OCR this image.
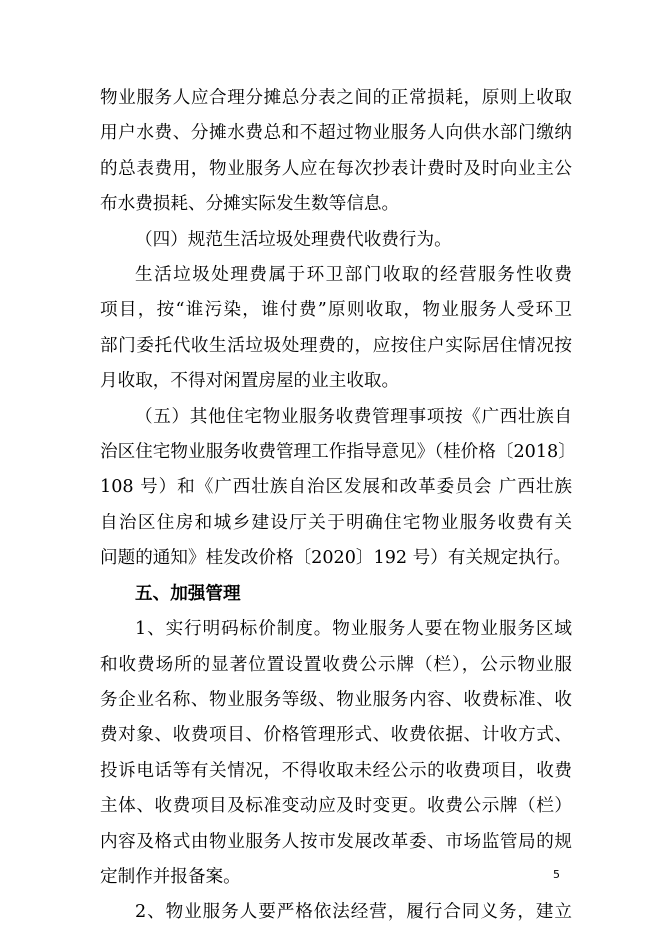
物业服务人应合理分摊总分表之间的正常损耗，原则上收取
用户水费、分摊水费总和不超过物业服务人向供水部门缴纳
的总表费用，物业服务人应在每次抄表计费时及时向业主公
布水费损耗、分摊实际发生数等信息。

（四）规范生活垃圾处理费代收费行为。

生活垃圾处理费属于环卫部门收取的经营服务性收费
项目，按“谁污染，谁付费”原则收取，物业服务人受环卫
部门委托代收生活垃圾处理费的，应按住户实际居住情况按
月收取，不得对闲置房屋的业主收取。

（五）其他住宅物业服务收费管理事项按《广西壮族自
治区住宅物业服务收费管理工作指导意见》（桂价格〔2018〕
108 号）和《广西壮族自治区发展和改革委员会 广西壮族
自治区住房和城乡建设厅关于明确住宅物业服务收费有关
问题的通知》桂发改价格〔2020〕192 号）有关规定执行。

五、加强管理

1、实行明码标价制度。物业服务人要在物业服务区域
和收费场所的显著位置设置收费公示牌（栏），公示物业服
务企业名称、物业服务等级、物业服务内容、收费标准、收
费对象、收费项目、价格管理形式、收费依据、计收方式、
投诉电话等有关情况，不得收取未经公示的收费项目，收费
主体、收费项目及标准变动应及时变更。收费公示牌（栏）
内容及格式由物业服务人按市发展改革委、市场监管局的规
定制作并报备案。

2、物业服务人要严格依法经营，履行合同义务，建立

5
